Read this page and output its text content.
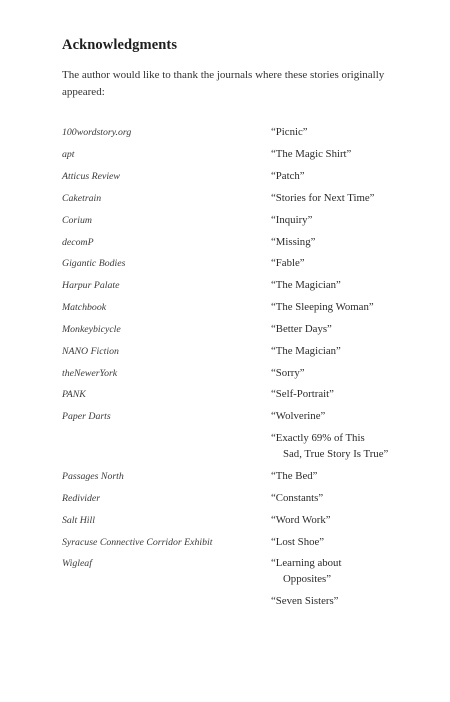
Acknowledgments
The author would like to thank the journals where these stories originally appeared:
100wordstory.org	“Picnic”
apt	“The Magic Shirt”
Atticus Review	“Patch”
Caketrain	“Stories for Next Time”
Corium	“Inquiry”
decomP	“Missing”
Gigantic Bodies	“Fable”
Harpur Palate	“The Magician”
Matchbook	“The Sleeping Woman”
Monkeybicycle	“Better Days”
NANO Fiction	“The Magician”
theNewerYork	“Sorry”
PANK	“Self-Portrait”
Paper Darts	“Wolverine”
“Exactly 69% of This
Sad, True Story Is True”
Passages North	“The Bed”
Redivider	“Constants”
Salt Hill	“Word Work”
Syracuse Connective Corridor Exhibit	“Lost Shoe”
Wigleaf	“Learning about
Opposites”
“Seven Sisters”
